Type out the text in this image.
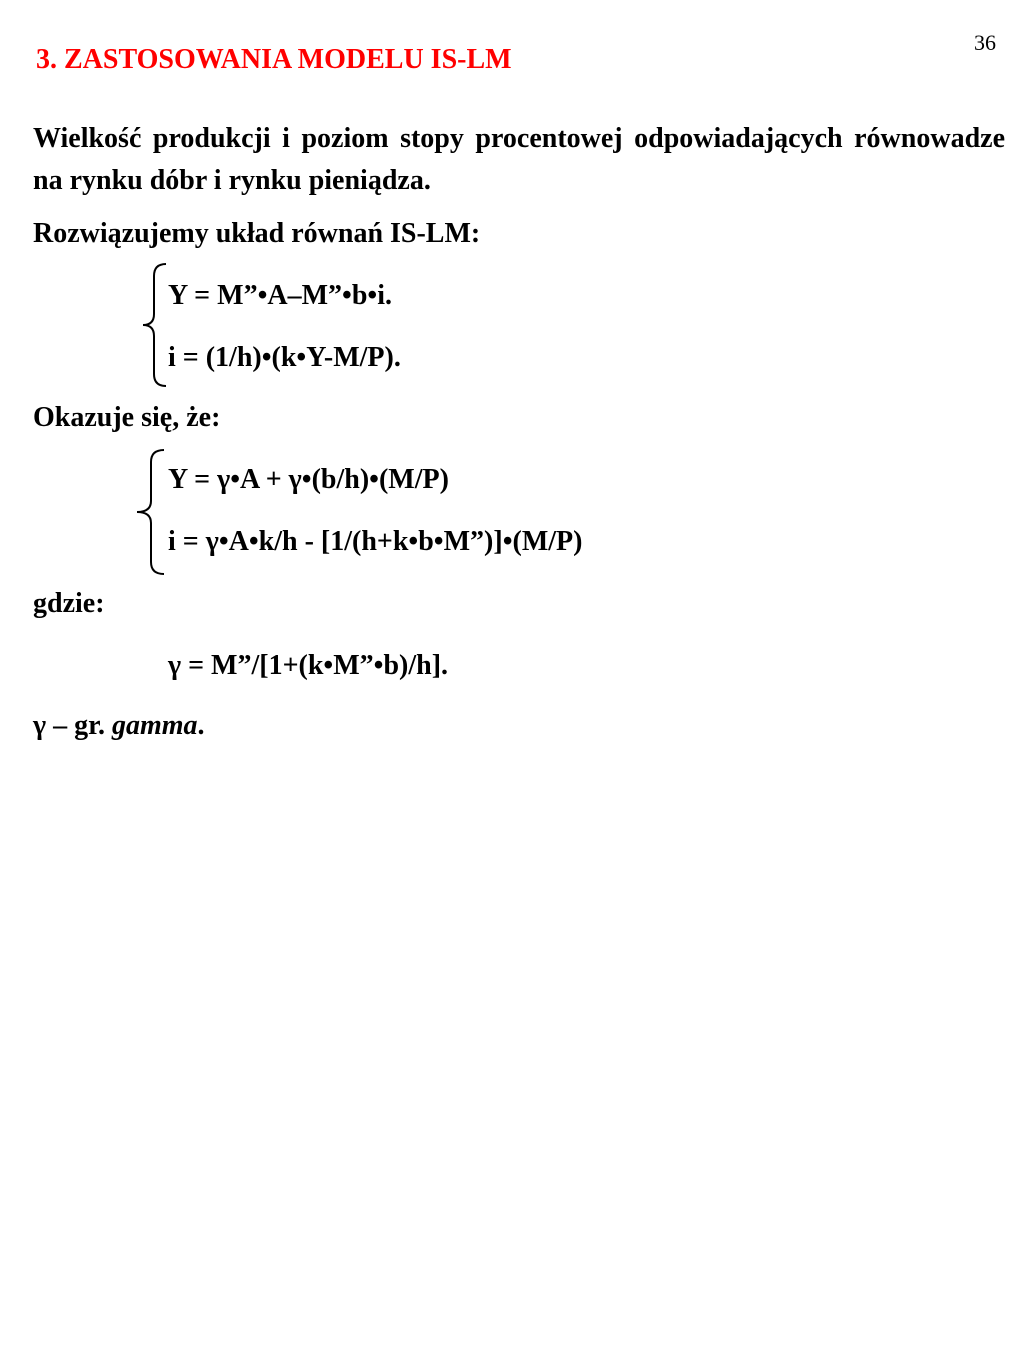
36
3. ZASTOSOWANIA MODELU IS-LM
Wielkość produkcji i poziom stopy procentowej odpowiadających równowadze na rynku dóbr i rynku pieniądza.
Rozwiązujemy układ równań IS-LM:
Y = M”•A–M”•b•i.
i = (1/h)•(k•Y-M/P).
Okazuje się, że:
Y = γ•A + γ•(b/h)•(M/P)
i = γ•A•k/h - [1/(h+k•b•M”)]•(M/P)
gdzie:
γ = M”/[1+(k•M”•b)/h].
γ – gr. gamma.
